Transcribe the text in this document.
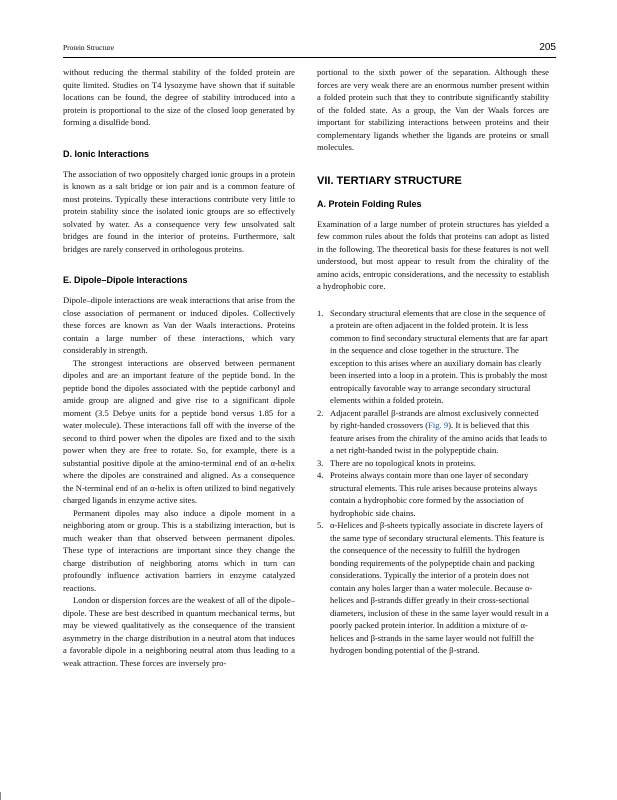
Protein Structure	205

without reducing the thermal stability of the folded protein are quite limited. Studies on T4 lysozyme have shown that if suitable locations can be found, the degree of stability introduced into a protein is proportional to the size of the closed loop generated by forming a disulfide bond.

D. Ionic Interactions

The association of two oppositely charged ionic groups in a protein is known as a salt bridge or ion pair and is a common feature of most proteins. Typically these interactions contribute very little to protein stability since the isolated ionic groups are so effectively solvated by water. As a consequence very few unsolvated salt bridges are found in the interior of proteins. Furthermore, salt bridges are rarely conserved in orthologous proteins.

E. Dipole–Dipole Interactions

Dipole–dipole interactions are weak interactions that arise from the close association of permanent or induced dipoles. Collectively these forces are known as Van der Waals interactions. Proteins contain a large number of these interactions, which vary considerably in strength.

The strongest interactions are observed between permanent dipoles and are an important feature of the peptide bond. In the peptide bond the dipoles associated with the peptide carbonyl and amide group are aligned and give rise to a significant dipole moment (3.5 Debye units for a peptide bond versus 1.85 for a water molecule). These interactions fall off with the inverse of the second to third power when the dipoles are fixed and to the sixth power when they are free to rotate. So, for example, there is a substantial positive dipole at the amino-terminal end of an α-helix where the dipoles are constrained and aligned. As a consequence the N-terminal end of an α-helix is often utilized to bind negatively charged ligands in enzyme active sites.

Permanent dipoles may also induce a dipole moment in a neighboring atom or group. This is a stabilizing interaction, but is much weaker than that observed between permanent dipoles. These type of interactions are important since they change the charge distribution of neighboring atoms which in turn can profoundly influence activation barriers in enzyme catalyzed reactions.

London or dispersion forces are the weakest of all of the dipole–dipole. These are best described in quantum mechanical terms, but may be viewed qualitatively as the consequence of the transient asymmetry in the charge distribution in a neutral atom that induces a favorable dipole in a neighboring neutral atom thus leading to a weak attraction. These forces are inversely pro-

portional to the sixth power of the separation. Although these forces are very weak there are an enormous number present within a folded protein such that they to contribute significantly stability of the folded state. As a group, the Van der Waals forces are important for stabilizing interactions between proteins and their complementary ligands whether the ligands are proteins or small molecules.

VII. TERTIARY STRUCTURE
A. Protein Folding Rules

Examination of a large number of protein structures has yielded a few common rules about the folds that proteins can adopt as listed in the following. The theoretical basis for these features is not well understood, but most appear to result from the chirality of the amino acids, entropic considerations, and the necessity to establish a hydrophobic core.

1. Secondary structural elements that are close in the sequence of a protein are often adjacent in the folded protein. It is less common to find secondary structural elements that are far apart in the sequence and close together in the structure. The exception to this arises where an auxiliary domain has clearly been inserted into a loop in a protein. This is probably the most entropically favorable way to arrange secondary structural elements within a folded protein.
2. Adjacent parallel β-strands are almost exclusively connected by right-handed crossovers (Fig. 9). It is believed that this feature arises from the chirality of the amino acids that leads to a net right-handed twist in the polypeptide chain.
3. There are no topological knots in proteins.
4. Proteins always contain more than one layer of secondary structural elements. This rule arises because proteins always contain a hydrophobic core formed by the association of hydrophobic side chains.
5. α-Helices and β-sheets typically associate in discrete layers of the same type of secondary structural elements. This feature is the consequence of the necessity to fulfill the hydrogen bonding requirements of the polypeptide chain and packing considerations. Typically the interior of a protein does not contain any holes larger than a water molecule. Because α-helices and β-strands differ greatly in their cross-sectional diameters, inclusion of these in the same layer would result in a poorly packed protein interior. In addition a mixture of α-helices and β-strands in the same layer would not fulfill the hydrogen bonding potential of the β-strand.
